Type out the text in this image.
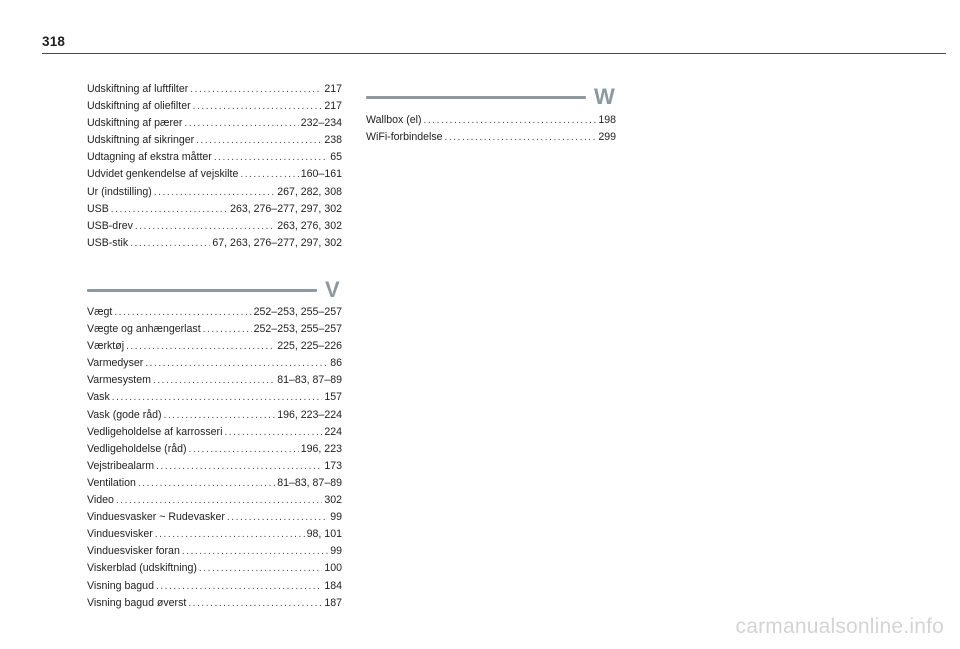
318
Udskiftning af luftfilter . . .	217
Udskiftning af oliefilter . . .	217
Udskiftning af pærer . . .	232–234
Udskiftning af sikringer . . .	238
Udtagning af ekstra måtter . . .	65
Udvidet genkendelse af vejskilte . . .	160–161
Ur (indstilling) . . .	267, 282, 308
USB . . .	263, 276–277, 297, 302
USB-drev . . .	263, 276, 302
USB-stik . . .	67, 263, 276–277, 297, 302
V
Vægt . . .	252–253, 255–257
Vægte og anhængerlast . . .	252–253, 255–257
Værktøj . . .	225, 225–226
Varmedyser . . .	86
Varmesystem . . .	81–83, 87–89
Vask . . .	157
Vask (gode råd) . . .	196, 223–224
Vedligeholdelse af karrosseri . . .	224
Vedligeholdelse (råd) . . .	196, 223
Vejstribealarm . . .	173
Ventilation . . .	81–83, 87–89
Video . . .	302
Vinduesvasker ~ Rudevasker . . .	99
Vinduesvisker . . .	98, 101
Vinduesvisker foran . . .	99
Viskerblad (udskiftning) . . .	100
Visning bagud . . .	184
Visning bagud øverst . . .	187
W
Wallbox (el) . . .	198
WiFi-forbindelse . . .	299
carmanualsonline.info
